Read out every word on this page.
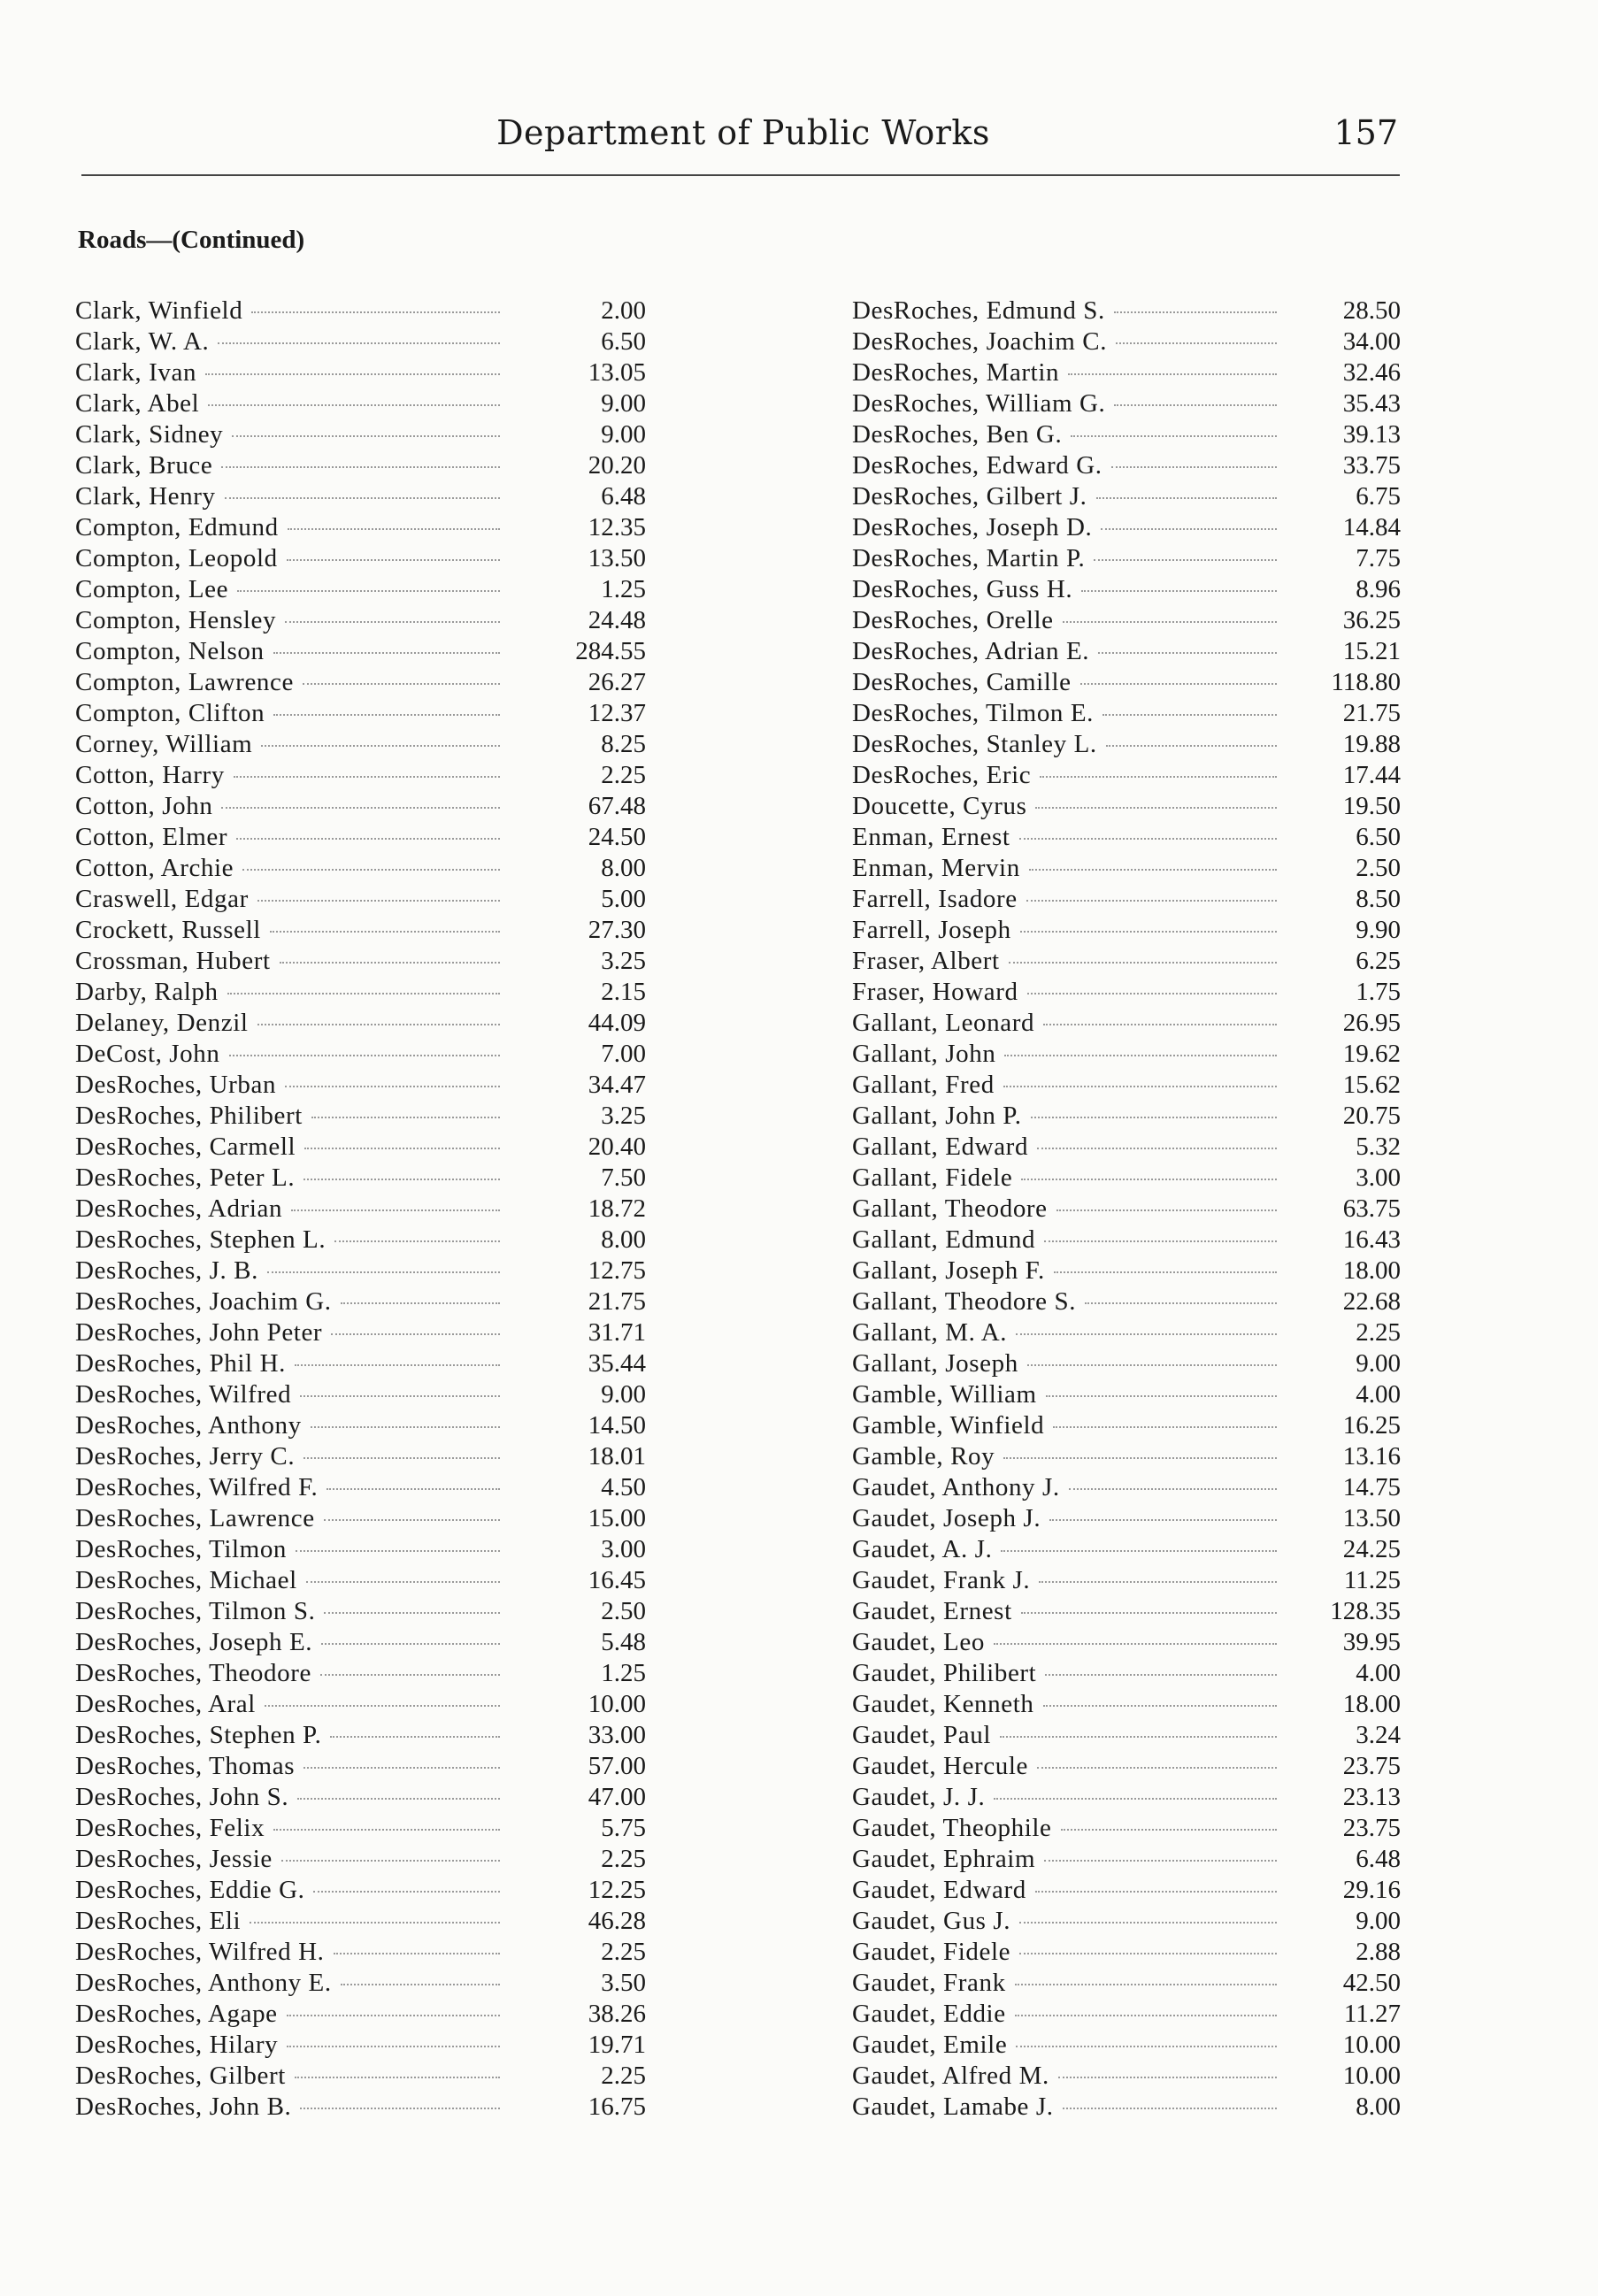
Department of Public Works	157
Roads—(Continued)
Clark, Winfield	2.00
Clark, W. A.	6.50
Clark, Ivan	13.05
Clark, Abel	9.00
Clark, Sidney	9.00
Clark, Bruce	20.20
Clark, Henry	6.48
Compton, Edmund	12.35
Compton, Leopold	13.50
Compton, Lee	1.25
Compton, Hensley	24.48
Compton, Nelson	284.55
Compton, Lawrence	26.27
Compton, Clifton	12.37
Corney, William	8.25
Cotton, Harry	2.25
Cotton, John	67.48
Cotton, Elmer	24.50
Cotton, Archie	8.00
Craswell, Edgar	5.00
Crockett, Russell	27.30
Crossman, Hubert	3.25
Darby, Ralph	2.15
Delaney, Denzil	44.09
DeCost, John	7.00
DesRoches, Urban	34.47
DesRoches, Philibert	3.25
DesRoches, Carmell	20.40
DesRoches, Peter L.	7.50
DesRoches, Adrian	18.72
DesRoches, Stephen L.	8.00
DesRoches, J. B.	12.75
DesRoches, Joachim G.	21.75
DesRoches, John Peter	31.71
DesRoches, Phil H.	35.44
DesRoches, Wilfred	9.00
DesRoches, Anthony	14.50
DesRoches, Jerry C.	18.01
DesRoches, Wilfred F.	4.50
DesRoches, Lawrence	15.00
DesRoches, Tilmon	3.00
DesRoches, Michael	16.45
DesRoches, Tilmon S.	2.50
DesRoches, Joseph E.	5.48
DesRoches, Theodore	1.25
DesRoches, Aral	10.00
DesRoches, Stephen P.	33.00
DesRoches, Thomas	57.00
DesRoches, John S.	47.00
DesRoches, Felix	5.75
DesRoches, Jessie	2.25
DesRoches, Eddie G.	12.25
DesRoches, Eli	46.28
DesRoches, Wilfred H.	2.25
DesRoches, Anthony E.	3.50
DesRoches, Agape	38.26
DesRoches, Hilary	19.71
DesRoches, Gilbert	2.25
DesRoches, John B.	16.75
DesRoches, Edmund S.	28.50
DesRoches, Joachim C.	34.00
DesRoches, Martin	32.46
DesRoches, William G.	35.43
DesRoches, Ben G.	39.13
DesRoches, Edward G.	33.75
DesRoches, Gilbert J.	6.75
DesRoches, Joseph D.	14.84
DesRoches, Martin P.	7.75
DesRoches, Guss H.	8.96
DesRoches, Orelle	36.25
DesRoches, Adrian E.	15.21
DesRoches, Camille	118.80
DesRoches, Tilmon E.	21.75
DesRoches, Stanley L.	19.88
DesRoches, Eric	17.44
Doucette, Cyrus	19.50
Enman, Ernest	6.50
Enman, Mervin	2.50
Farrell, Isadore	8.50
Farrell, Joseph	9.90
Fraser, Albert	6.25
Fraser, Howard	1.75
Gallant, Leonard	26.95
Gallant, John	19.62
Gallant, Fred	15.62
Gallant, John P.	20.75
Gallant, Edward	5.32
Gallant, Fidele	3.00
Gallant, Theodore	63.75
Gallant, Edmund	16.43
Gallant, Joseph F.	18.00
Gallant, Theodore S.	22.68
Gallant, M. A.	2.25
Gallant, Joseph	9.00
Gamble, William	4.00
Gamble, Winfield	16.25
Gamble, Roy	13.16
Gaudet, Anthony J.	14.75
Gaudet, Joseph J.	13.50
Gaudet, A. J.	24.25
Gaudet, Frank J.	11.25
Gaudet, Ernest	128.35
Gaudet, Leo	39.95
Gaudet, Philibert	4.00
Gaudet, Kenneth	18.00
Gaudet, Paul	3.24
Gaudet, Hercule	23.75
Gaudet, J. J.	23.13
Gaudet, Theophile	23.75
Gaudet, Ephraim	6.48
Gaudet, Edward	29.16
Gaudet, Gus J.	9.00
Gaudet, Fidele	2.88
Gaudet, Frank	42.50
Gaudet, Eddie	11.27
Gaudet, Emile	10.00
Gaudet, Alfred M.	10.00
Gaudet, Lamabe J.	8.00
